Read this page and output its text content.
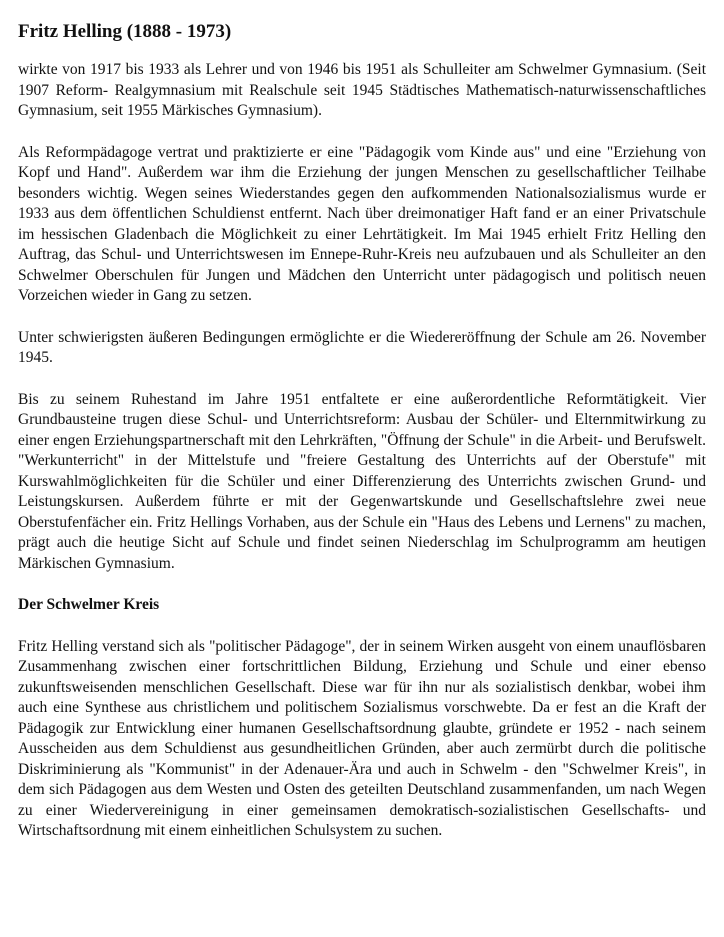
Fritz Helling (1888 - 1973)

wirkte von 1917 bis 1933 als Lehrer und von 1946 bis 1951 als Schulleiter am Schwelmer Gymnasium. (Seit 1907 Reform- Realgymnasium mit Realschule seit 1945 Städtisches Mathematisch-naturwissenschaftliches Gymnasium, seit 1955 Märkisches Gymnasium).

Als Reformpädagoge vertrat und praktizierte er eine "Pädagogik vom Kinde aus" und eine "Erziehung von Kopf und Hand". Außerdem war ihm die Erziehung der jungen Menschen zu gesellschaftlicher Teilhabe besonders wichtig. Wegen seines Wiederstandes gegen den aufkommenden Nationalsozialismus wurde er 1933 aus dem öffentlichen Schuldienst entfernt. Nach über dreimonatiger Haft fand er an einer Privatschule im hessischen Gladenbach die Möglichkeit zu einer Lehrtätigkeit. Im Mai 1945 erhielt Fritz Helling den Auftrag, das Schul- und Unterrichtswesen im Ennepe-Ruhr-Kreis neu aufzubauen und als Schulleiter an den Schwelmer Oberschulen für Jungen und Mädchen den Unterricht unter pädagogisch und politisch neuen Vorzeichen wieder in Gang zu setzen.

Unter schwierigsten äußeren Bedingungen ermöglichte er die Wiedereröffnung der Schule am 26. November 1945.

Bis zu seinem Ruhestand im Jahre 1951 entfaltete er eine außerordentliche Reformtätigkeit. Vier Grundbausteine trugen diese Schul- und Unterrichtsreform: Ausbau der Schüler- und Elternmitwirkung zu einer engen Erziehungspartnerschaft mit den Lehrkräften, "Öffnung der Schule" in die Arbeit- und Berufswelt. "Werkunterricht" in der Mittelstufe und "freiere Gestaltung des Unterrichts auf der Oberstufe" mit Kurswahlmöglichkeiten für die Schüler und einer Differenzierung des Unterrichts zwischen Grund- und Leistungskursen. Außerdem führte er mit der Gegenwartskunde und Gesellschaftslehre zwei neue Oberstufenfächer ein. Fritz Hellings Vorhaben, aus der Schule ein "Haus des Lebens und Lernens" zu machen, prägt auch die heutige Sicht auf Schule und findet seinen Niederschlag im Schulprogramm am heutigen Märkischen Gymnasium.

Der Schwelmer Kreis

Fritz Helling verstand sich als "politischer Pädagoge", der in seinem Wirken ausgeht von einem unauflösbaren Zusammenhang zwischen einer fortschrittlichen Bildung, Erziehung und Schule und einer ebenso zukunftsweisenden menschlichen Gesellschaft. Diese war für ihn nur als sozialistisch denkbar, wobei ihm auch eine Synthese aus christlichem und politischem Sozialismus vorschwebte. Da er fest an die Kraft der Pädagogik zur Entwicklung einer humanen Gesellschaftsordnung glaubte, gründete er 1952 - nach seinem Ausscheiden aus dem Schuldienst aus gesundheitlichen Gründen, aber auch zermürbt durch die politische Diskriminierung als "Kommunist" in der Adenauer-Ära und auch in Schwelm - den "Schwelmer Kreis", in dem sich Pädagogen aus dem Westen und Osten des geteilten Deutschland zusammenfanden, um nach Wegen zu einer Wiedervereinigung in einer gemeinsamen demokratisch-sozialistischen Gesellschafts- und Wirtschaftsordnung mit einem einheitlichen Schulsystem zu suchen.
